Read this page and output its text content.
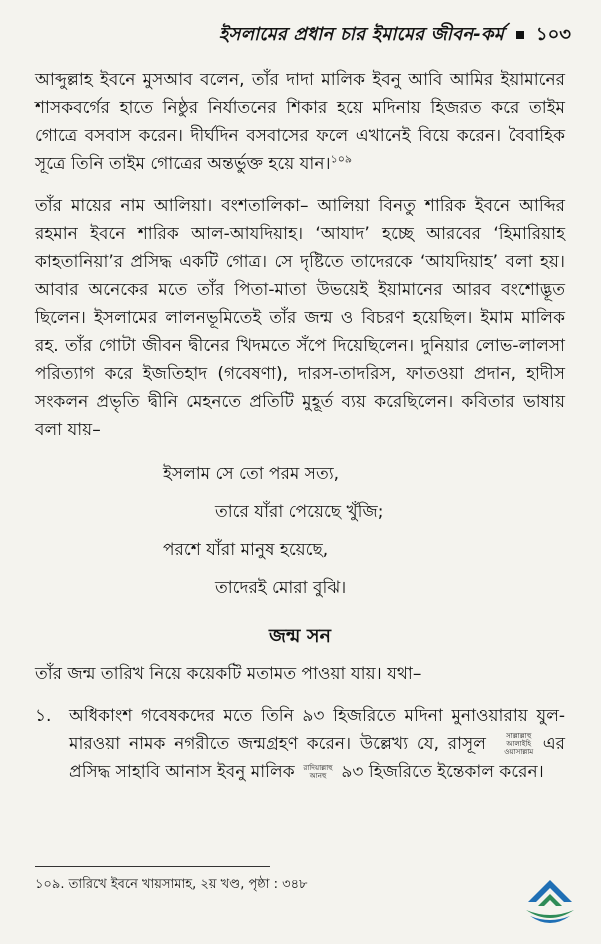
ইসলামের প্রধান চার ইমামের জীবন-কর্ম ১০৩

আব্দুল্লাহ ইবনে মুসআব বলেন, তাঁর দাদা মালিক ইবনু আবি আমির ইয়ামানের শাসকবর্গের হাতে নিষ্ঠুর নির্যাতনের শিকার হয়ে মদিনায় হিজরত করে তাইম গোত্রে বসবাস করেন। দীর্ঘদিন বসবাসের ফলে এখানেই বিয়ে করেন। বৈবাহিক সূত্রে তিনি তাইম গোত্রের অন্তর্ভুক্ত হয়ে যান।$^{১০৯}$

তাঁর মায়ের নাম আলিয়া। বংশতালিকা– আলিয়া বিনতু শারিক ইবনে আব্দির রহমান ইবনে শারিক আল-আযদিয়াহ। ‘আযাদ’ হচ্ছে আরবের ‘হিমারিয়াহ কাহতানিয়া’র প্রসিদ্ধ একটি গোত্র। সে দৃষ্টিতে তাদেরকে ‘আযদিয়াহ’ বলা হয়। আবার অনেকের মতে তাঁর পিতা-মাতা উভয়েই ইয়ামানের আরব বংশোদ্ভূত ছিলেন। ইসলামের লালনভূমিতেই তাঁর জন্ম ও বিচরণ হয়েছিল। ইমাম মালিক রহ. তাঁর গোটা জীবন দ্বীনের খিদমতে সঁপে দিয়েছিলেন। দুনিয়ার লোভ-লালসা পরিত্যাগ করে ইজতিহাদ (গবেষণা), দারস-তাদরিস, ফাতওয়া প্রদান, হাদীস সংকলন প্রভৃতি দ্বীনি মেহনতে প্রতিটি মুহূর্ত ব্যয় করেছিলেন। কবিতার ভাষায় বলা যায়–

ইসলাম সে তো পরম সত্য,
তারে যাঁরা পেয়েছে খুঁজি;
পরশে যাঁরা মানুষ হয়েছে,
তাদেরই মোরা বুঝি।
জন্ম সন
তাঁর জন্ম তারিখ নিয়ে কয়েকটি মতামত পাওয়া যায়। যথা–
১.	অধিকাংশ গবেষকদের মতে তিনি ৯৩ হিজরিতে মদিনা মুনাওয়ারায় যুল-মারওয়া নামক নগরীতে জন্মগ্রহণ করেন। উল্লেখ্য যে, রাসূল	সাল্লাল্লাহু আলাইহি ওয়াসাল্লাম এর প্রসিদ্ধ সাহাবি আনাস ইবনু মালিক রাদিয়াল্লাহু আনহু ৯৩ হিজরিতে ইন্তেকাল করেন।
১০৯. তারিখে ইবনে খায়সামাহ, ২য় খণ্ড, পৃষ্ঠা : ৩৪৮
